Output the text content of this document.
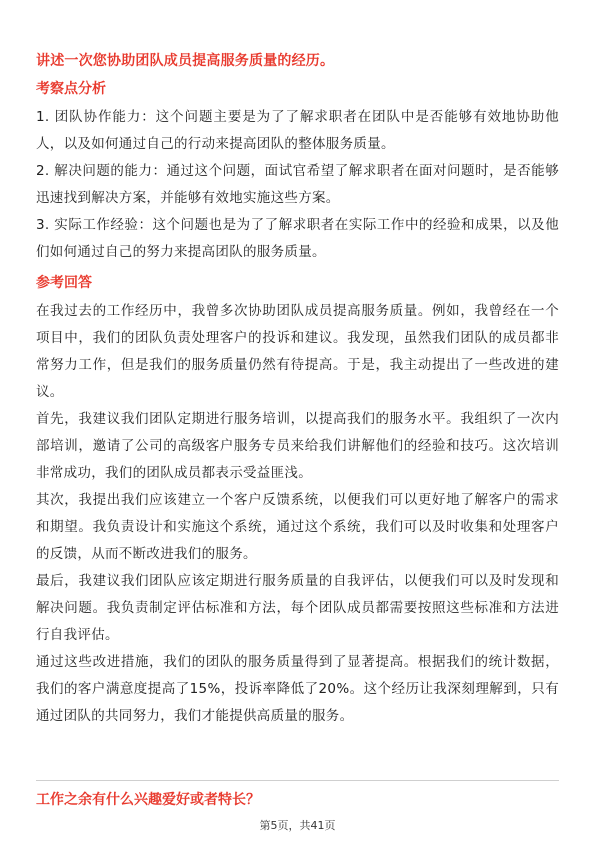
讲述一次您协助团队成员提高服务质量的经历。
考察点分析

1. 团队协作能力：这个问题主要是为了了解求职者在团队中是否能够有效地协助他人，以及如何通过自己的行动来提高团队的整体服务质量。

2. 解决问题的能力：通过这个问题，面试官希望了解求职者在面对问题时，是否能够迅速找到解决方案，并能够有效地实施这些方案。

3. 实际工作经验：这个问题也是为了了解求职者在实际工作中的经验和成果，以及他们如何通过自己的努力来提高团队的服务质量。

参考回答

在我过去的工作经历中，我曾多次协助团队成员提高服务质量。例如，我曾经在一个项目中，我们的团队负责处理客户的投诉和建议。我发现，虽然我们团队的成员都非常努力工作，但是我们的服务质量仍然有待提高。于是，我主动提出了一些改进的建议。

首先，我建议我们团队定期进行服务培训，以提高我们的服务水平。我组织了一次内部培训，邀请了公司的高级客户服务专员来给我们讲解他们的经验和技巧。这次培训非常成功，我们的团队成员都表示受益匪浅。

其次，我提出我们应该建立一个客户反馈系统，以便我们可以更好地了解客户的需求和期望。我负责设计和实施这个系统，通过这个系统，我们可以及时收集和处理客户的反馈，从而不断改进我们的服务。

最后，我建议我们团队应该定期进行服务质量的自我评估，以便我们可以及时发现和解决问题。我负责制定评估标准和方法，每个团队成员都需要按照这些标准和方法进行自我评估。

通过这些改进措施，我们的团队的服务质量得到了显著提高。根据我们的统计数据，我们的客户满意度提高了15%，投诉率降低了20%。这个经历让我深刻理解到，只有通过团队的共同努力，我们才能提供高质量的服务。

工作之余有什么兴趣爱好或者特长？
第5页，共41页
